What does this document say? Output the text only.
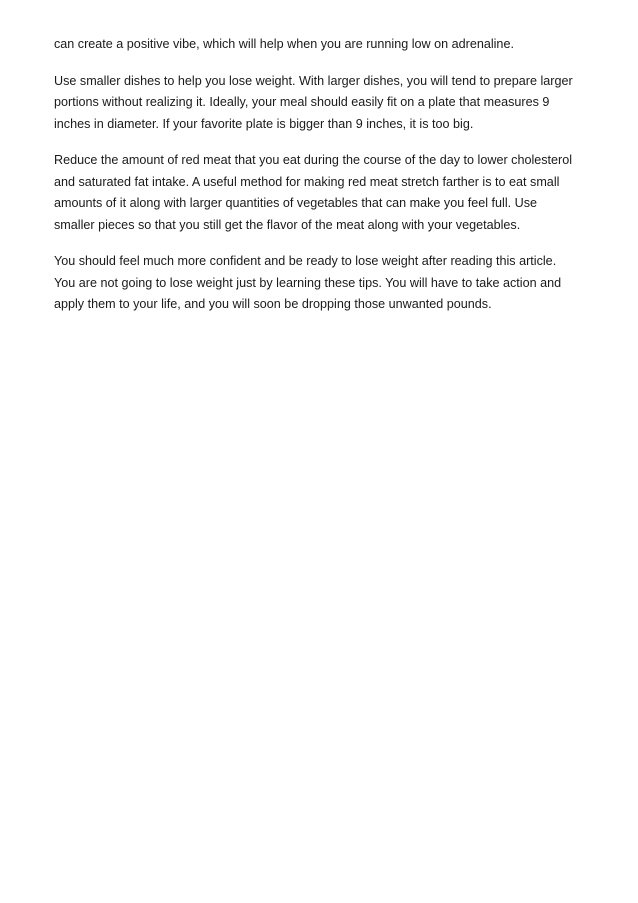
can create a positive vibe, which will help when you are running low on adrenaline.

Use smaller dishes to help you lose weight. With larger dishes, you will tend to prepare larger
portions without realizing it. Ideally, your meal should easily fit on a plate that measures 9
inches in diameter. If your favorite plate is bigger than 9 inches, it is too big.

Reduce the amount of red meat that you eat during the course of the day to lower cholesterol
and saturated fat intake. A useful method for making red meat stretch farther is to eat small
amounts of it along with larger quantities of vegetables that can make you feel full. Use
smaller pieces so that you still get the flavor of the meat along with your vegetables.

You should feel much more confident and be ready to lose weight after reading this article.
You are not going to lose weight just by learning these tips. You will have to take action and
apply them to your life, and you will soon be dropping those unwanted pounds.
